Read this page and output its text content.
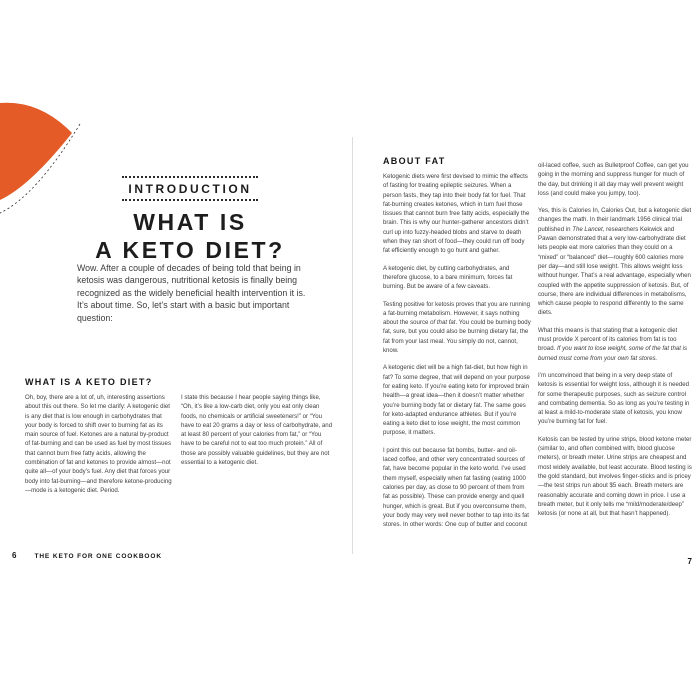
INTRODUCTION
WHAT IS
A KETO DIET?
Wow. After a couple of decades of being told that being in ketosis was dangerous, nutritional ketosis is finally being recognized as the widely beneficial health intervention it is. It’s about time. So, let’s start with a basic but important question:
WHAT IS A KETO DIET?

Oh, boy, there are a lot of, uh, interesting assertions about this out there. So let me clarify: A ketogenic diet is any diet that is low enough in carbohydrates that your body is forced to shift over to burning fat as its main source of fuel. Ketones are a natural by-product of fat-burning and can be used as fuel by most tissues that cannot burn free fatty acids, allowing the combination of fat and ketones to provide almost—not quite all—of your body’s fuel. Any diet that forces your body into fat-burning—and therefore ketone-producing—mode is a ketogenic diet. Period.

I state this because I hear people saying things like, “Oh, it’s like a low-carb diet, only you eat only clean foods, no chemicals or artificial sweeteners!” or “You have to eat 20 grams a day or less of carbohydrate, and at least 80 percent of your calories from fat,” or “You have to be careful not to eat too much protein.” All of those are possibly valuable guidelines, but they are not essential to a ketogenic diet.

6	THE KETO FOR ONE COOKBOOK
ABOUT FAT

Ketogenic diets were first devised to mimic the effects of fasting for treating epileptic seizures. When a person fasts, they tap into their body fat for fuel. That fat-burning creates ketones, which in turn fuel those tissues that cannot burn free fatty acids, especially the brain. This is why our hunter-gatherer ancestors didn’t curl up into fuzzy-headed blobs and starve to death when they ran short of food—they could run off body fat efficiently enough to go hunt and gather.

A ketogenic diet, by cutting carbohydrates, and therefore glucose, to a bare minimum, forces fat burning. But be aware of a few caveats.

Testing positive for ketosis proves that you are running a fat-burning metabolism. However, it says nothing about the source of that fat. You could be burning body fat, sure, but you could also be burning dietary fat, the fat from your last meal. You simply do not, cannot, know.

A ketogenic diet will be a high fat-diet, but how high in fat? To some degree, that will depend on your purpose for eating keto. If you’re eating keto for improved brain health—a great idea—then it doesn’t matter whether you’re burning body fat or dietary fat. The same goes for keto-adapted endurance athletes. But if you’re eating a keto diet to lose weight, the most common purpose, it matters.

I point this out because fat bombs, butter- and oil-laced coffee, and other very concentrated sources of fat, have become popular in the keto world. I’ve used them myself, especially when fat fasting (eating 1000 calories per day, as close to 90 percent of them from fat as possible). These can provide energy and quell hunger, which is great. But if you overconsume them, your body may very well never bother to tap into its fat stores. In other words: One cup of butter and coconut

oil-laced coffee, such as Bulletproof Coffee, can get you going in the morning and suppress hunger for much of the day, but drinking it all day may well prevent weight loss (and could make you jumpy, too).

Yes, this is Calories In, Calories Out, but a ketogenic diet changes the math. In their landmark 1956 clinical trial published in The Lancet, researchers Kekwick and Pawan demonstrated that a very low-carbohydrate diet lets people eat more calories than they could on a “mixed” or “balanced” diet—roughly 600 calories more per day—and still lose weight. This allows weight loss without hunger. That’s a real advantage, especially when coupled with the appetite suppression of ketosis. But, of course, there are individual differences in metabolisms, which cause people to respond differently to the same diets.

What this means is that stating that a ketogenic diet must provide X percent of its calories from fat is too broad. If you want to lose weight, some of the fat that is burned must come from your own fat stores.

I’m unconvinced that being in a very deep state of ketosis is essential for weight loss, although it is needed for some therapeutic purposes, such as seizure control and combating dementia. So as long as you’re testing in at least a mild-to-moderate state of ketosis, you know you’re burning fat for fuel.

Ketosis can be tested by urine strips, blood ketone meter (similar to, and often combined with, blood glucose meters), or breath meter. Urine strips are cheapest and most widely available, but least accurate. Blood testing is the gold standard, but involves finger-sticks and is pricey —the test strips run about $5 each. Breath meters are reasonably accurate and coming down in price. I use a breath meter, but it only tells me “mild/moderate/deep” ketosis (or none at all, but that hasn’t happened).

7
